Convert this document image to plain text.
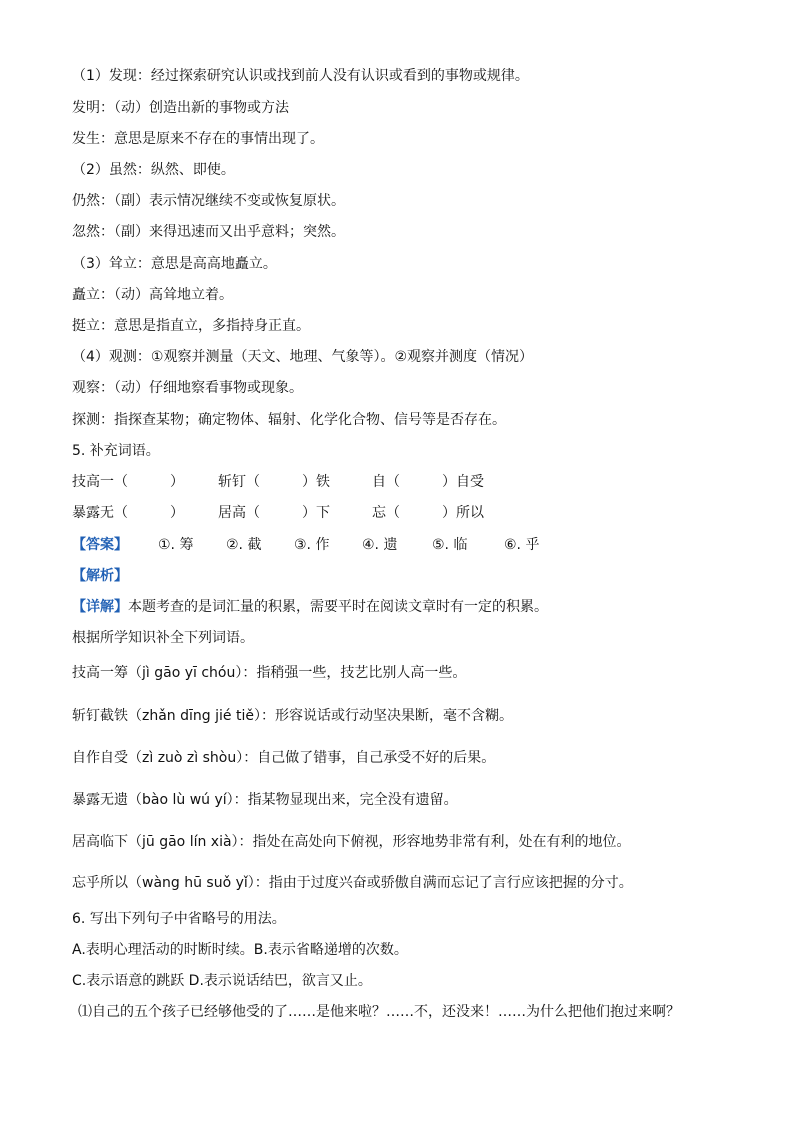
（1）发现：经过探索研究认识或找到前人没有认识或看到的事物或规律。
发明：（动）创造出新的事物或方法
发生：意思是原来不存在的事情出现了。
（2）虽然：纵然、即使。
仍然：（副）表示情况继续不变或恢复原状。
忽然：（副）来得迅速而又出乎意料；突然。
（3）耸立：意思是高高地矗立。
矗立：（动）高耸地立着。
挺立：意思是指直立，多指持身正直。
（4）观测：①观察并测量（天文、地理、气象等）。②观察并测度（情况）
观察：（动）仔细地察看事物或现象。
探测：指探查某物；确定物体、辐射、化学化合物、信号等是否存在。
5. 补充词语。
技高一（　　　） 斩钉（　　　）铁	自（　　　）自受
暴露无（　　　） 居高（　　　）下	忘（　　　）所以
【答案】 ①. 筹 ②. 截 ③. 作 ④. 遗 ⑤. 临	⑥. 乎
【解析】
【详解】本题考查的是词汇量的积累，需要平时在阅读文章时有一定的积累。
根据所学知识补全下列词语。
技高一筹（jì gāo yī chóu）：指稍强一些，技艺比别人高一些。
斩钉截铁（zhǎn dīng jié tiě）：形容说话或行动坚决果断，毫不含糊。
自作自受（zì zuò zì shòu）：自己做了错事，自己承受不好的后果。
暴露无遗（bào lù wú yí）：指某物显现出来，完全没有遗留。
居高临下（jū gāo lín xià）：指处在高处向下俯视，形容地势非常有利，处在有利的地位。
忘乎所以（wàng hū suǒ yǐ）：指由于过度兴奋或骄傲自满而忘记了言行应该把握的分寸。
6. 写出下列句子中省略号的用法。
A.表明心理活动的时断时续。B.表示省略递增的次数。
C.表示语意的跳跃 D.表示说话结巴，欲言又止。
⑴自己的五个孩子已经够他受的了……是他来啦？……不，还没来！……为什么把他们抱过来啊？
